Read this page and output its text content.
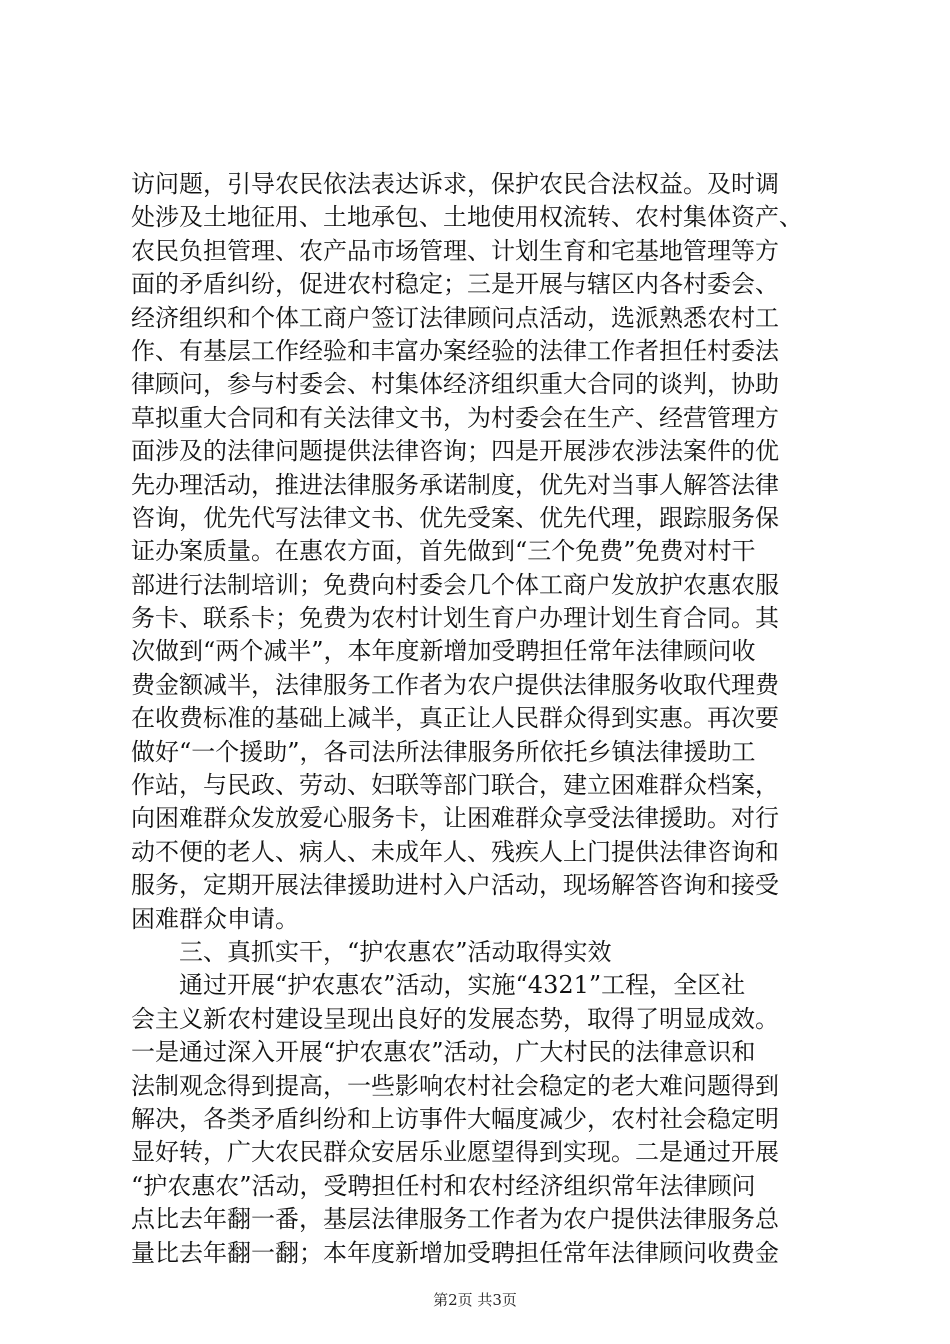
访问题，引导农民依法表达诉求，保护农民合法权益。及时调
处涉及土地征用、土地承包、土地使用权流转、农村集体资产、
农民负担管理、农产品市场管理、计划生育和宅基地管理等方
面的矛盾纠纷，促进农村稳定；三是开展与辖区内各村委会、
经济组织和个体工商户签订法律顾问点活动，选派熟悉农村工
作、有基层工作经验和丰富办案经验的法律工作者担任村委法
律顾问，参与村委会、村集体经济组织重大合同的谈判，协助
草拟重大合同和有关法律文书，为村委会在生产、经营管理方
面涉及的法律问题提供法律咨询；四是开展涉农涉法案件的优
先办理活动，推进法律服务承诺制度，优先对当事人解答法律
咨询，优先代写法律文书、优先受案、优先代理，跟踪服务保
证办案质量。在惠农方面，首先做到“三个免费”免费对村干
部进行法制培训；免费向村委会几个体工商户发放护农惠农服
务卡、联系卡；免费为农村计划生育户办理计划生育合同。其
次做到“两个减半”，本年度新增加受聘担任常年法律顾问收
费金额减半，法律服务工作者为农户提供法律服务收取代理费
在收费标准的基础上减半，真正让人民群众得到实惠。再次要
做好“一个援助”，各司法所法律服务所依托乡镇法律援助工
作站，与民政、劳动、妇联等部门联合，建立困难群众档案，
向困难群众发放爱心服务卡，让困难群众享受法律援助。对行
动不便的老人、病人、未成年人、残疾人上门提供法律咨询和
服务，定期开展法律援助进村入户活动，现场解答咨询和接受
困难群众申请。
三、真抓实干，“护农惠农”活动取得实效
通过开展“护农惠农”活动，实施“4321”工程，全区社
会主义新农村建设呈现出良好的发展态势，取得了明显成效。
一是通过深入开展“护农惠农”活动，广大村民的法律意识和
法制观念得到提高，一些影响农村社会稳定的老大难问题得到
解决，各类矛盾纠纷和上访事件大幅度减少，农村社会稳定明
显好转，广大农民群众安居乐业愿望得到实现。二是通过开展
“护农惠农”活动，受聘担任村和农村经济组织常年法律顾问
点比去年翻一番，基层法律服务工作者为农户提供法律服务总
量比去年翻一翻；本年度新增加受聘担任常年法律顾问收费金
第2页 共3页
